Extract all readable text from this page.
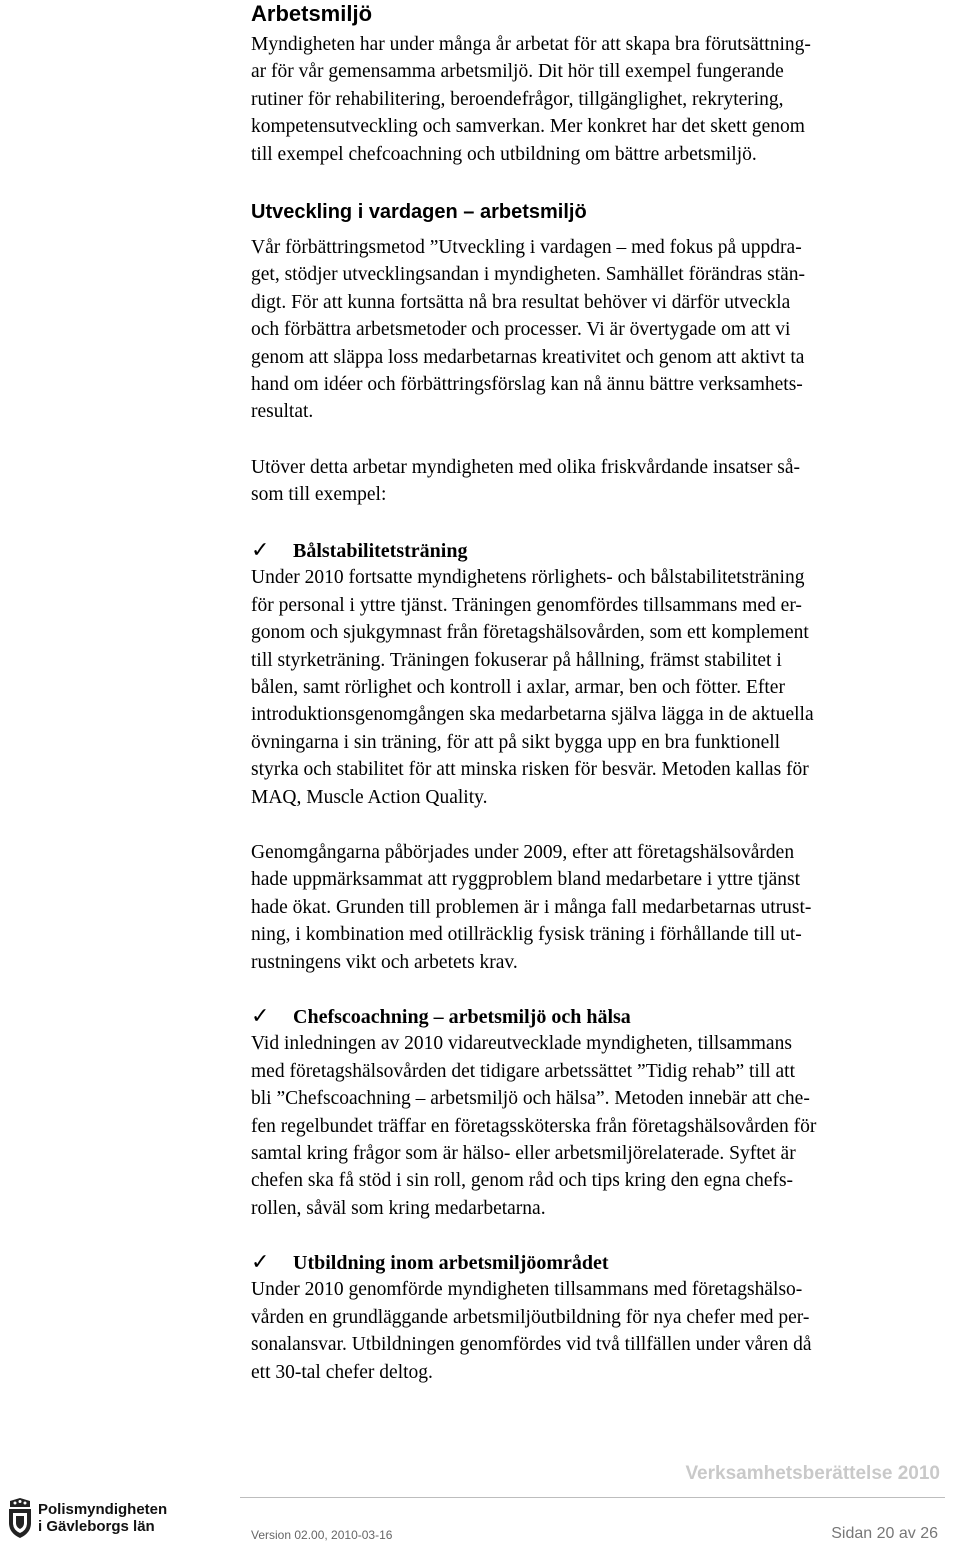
Arbetsmiljö
Myndigheten har under många år arbetat för att skapa bra förutsättning-
ar för vår gemensamma arbetsmiljö. Dit hör till exempel fungerande
rutiner för rehabilitering, beroendefrågor, tillgänglighet, rekrytering,
kompetensutveckling och samverkan. Mer konkret har det skett genom
till exempel chefcoachning och utbildning om bättre arbetsmiljö.
Utveckling i vardagen – arbetsmiljö
Vår förbättringsmetod ”Utveckling i vardagen – med fokus på uppdra-
get, stödjer utvecklingsandan i myndigheten. Samhället förändras stän-
digt. För att kunna fortsätta nå bra resultat behöver vi därför utveckla
och förbättra arbetsmetoder och processer. Vi är övertygade om att vi
genom att släppa loss medarbetarnas kreativitet och genom att aktivt ta
hand om idéer och förbättringsförslag kan nå ännu bättre verksamhets-
resultat.
Utöver detta arbetar myndigheten med olika friskvårdande insatser så-
som till exempel:
✓ Bålstabilitetsträning
Under 2010 fortsatte myndighetens rörlighets- och bålstabilitetsträning
för personal i yttre tjänst. Träningen genomfördes tillsammans med er-
gonom och sjukgymnast från företagshälsovården, som ett komplement
till styrketräning. Träningen fokuserar på hållning, främst stabilitet i
bålen, samt rörlighet och kontroll i axlar, armar, ben och fötter. Efter
introduktionsgenomgången ska medarbetarna själva lägga in de aktuella
övningarna i sin träning, för att på sikt bygga upp en bra funktionell
styrka och stabilitet för att minska risken för besvär. Metoden kallas för
MAQ, Muscle Action Quality.
Genomgångarna påbörjades under 2009, efter att företagshälsovården
hade uppmärksammat att ryggproblem bland medarbetare i yttre tjänst
hade ökat. Grunden till problemen är i många fall medarbetarnas utrust-
ning, i kombination med otillräcklig fysisk träning i förhållande till ut-
rustningens vikt och arbetets krav.
✓ Chefscoachning – arbetsmiljö och hälsa
Vid inledningen av 2010 vidareutvecklade myndigheten, tillsammans
med företagshälsovården det tidigare arbetssättet ”Tidig rehab” till att
bli ”Chefscoachning – arbetsmiljö och hälsa”. Metoden innebär att che-
fen regelbundet träffar en företagssköterska från företagshälsovården för
samtal kring frågor som är hälso- eller arbetsmiljörelaterade. Syftet är
chefen ska få stöd i sin roll, genom råd och tips kring den egna chefs-
rollen, såväl som kring medarbetarna.
✓ Utbildning inom arbetsmiljöområdet
Under 2010 genomförde myndigheten tillsammans med företagshälso-
vården en grundläggande arbetsmiljöutbildning för nya chefer med per-
sonalansvar. Utbildningen genomfördes vid två tillfällen under våren då
ett 30-tal chefer deltog.
Verksamhetsberättelse 2010
Polismyndigheten
i Gävleborgs län	Version 02.00, 2010-03-16	Sidan 20 av 26
